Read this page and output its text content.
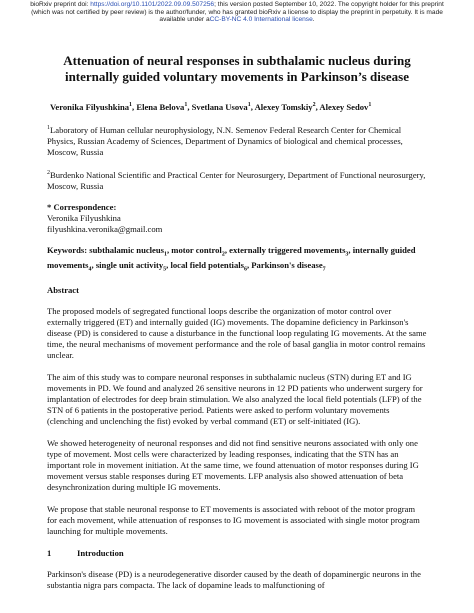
bioRxiv preprint doi: https://doi.org/10.1101/2022.09.09.507256; this version posted September 10, 2022. The copyright holder for this preprint
(which was not certified by peer review) is the author/funder, who has granted bioRxiv a license to display the preprint in perpetuity. It is made
available under aCC-BY-NC 4.0 International license.
Attenuation of neural responses in subthalamic nucleus during internally guided voluntary movements in Parkinson’s disease
Veronika Filyushkina$^1$, Elena Belova$^1$, Svetlana Usova$^1$, Alexey Tomskiy$^2$, Alexey Sedov$^1$

$^1$Laboratory of Human cellular neurophysiology, N.N. Semenov Federal Research Center for Chemical Physics, Russian Academy of Sciences, Department of Dynamics of biological and chemical processes, Moscow, Russia

$^2$Burdenko National Scientific and Practical Center for Neurosurgery, Department of Functional neurosurgery, Moscow, Russia

* Correspondence:

Veronika Filyushkina

filyushkina.veronika@gmail.com

Keywords: subthalamic nucleus$_1$, motor control$_2$, externally triggered movements$_3$, internally guided movements$_4$, single unit activity$_5$, local field potentials$_6$, Parkinson's disease$_7$

Abstract

The proposed models of segregated functional loops describe the organization of motor control over externally triggered (ET) and internally guided (IG) movements. The dopamine deficiency in Parkinson's disease (PD) is considered to cause a disturbance in the functional loop regulating IG movements. At the same time, the neural mechanisms of movement performance and the role of basal ganglia in motor control remains unclear.

The aim of this study was to compare neuronal responses in subthalamic nucleus (STN) during ET and IG movements in PD. We found and analyzed 26 sensitive neurons in 12 PD patients who underwent surgery for implantation of electrodes for deep brain stimulation. We also analyzed the local field potentials (LFP) of the STN of 6 patients in the postoperative period. Patients were asked to perform voluntary movements (clenching and unclenching the fist) evoked by verbal command (ET) or self-initiated (IG).

We showed heterogeneity of neuronal responses and did not find sensitive neurons associated with only one type of movement. Most cells were characterized by leading responses, indicating that the STN has an important role in movement initiation. At the same time, we found attenuation of motor responses during IG movement versus stable responses during ET movements. LFP analysis also showed attenuation of beta desynchronization during multiple IG movements.

We propose that stable neuronal response to ET movements is associated with reboot of the motor program for each movement, while attenuation of responses to IG movement is associated with single motor program launching for multiple movements.

1	Introduction

Parkinson's disease (PD) is a neurodegenerative disorder caused by the death of dopaminergic neurons in the substantia nigra pars compacta. The lack of dopamine leads to malfunctioning of
